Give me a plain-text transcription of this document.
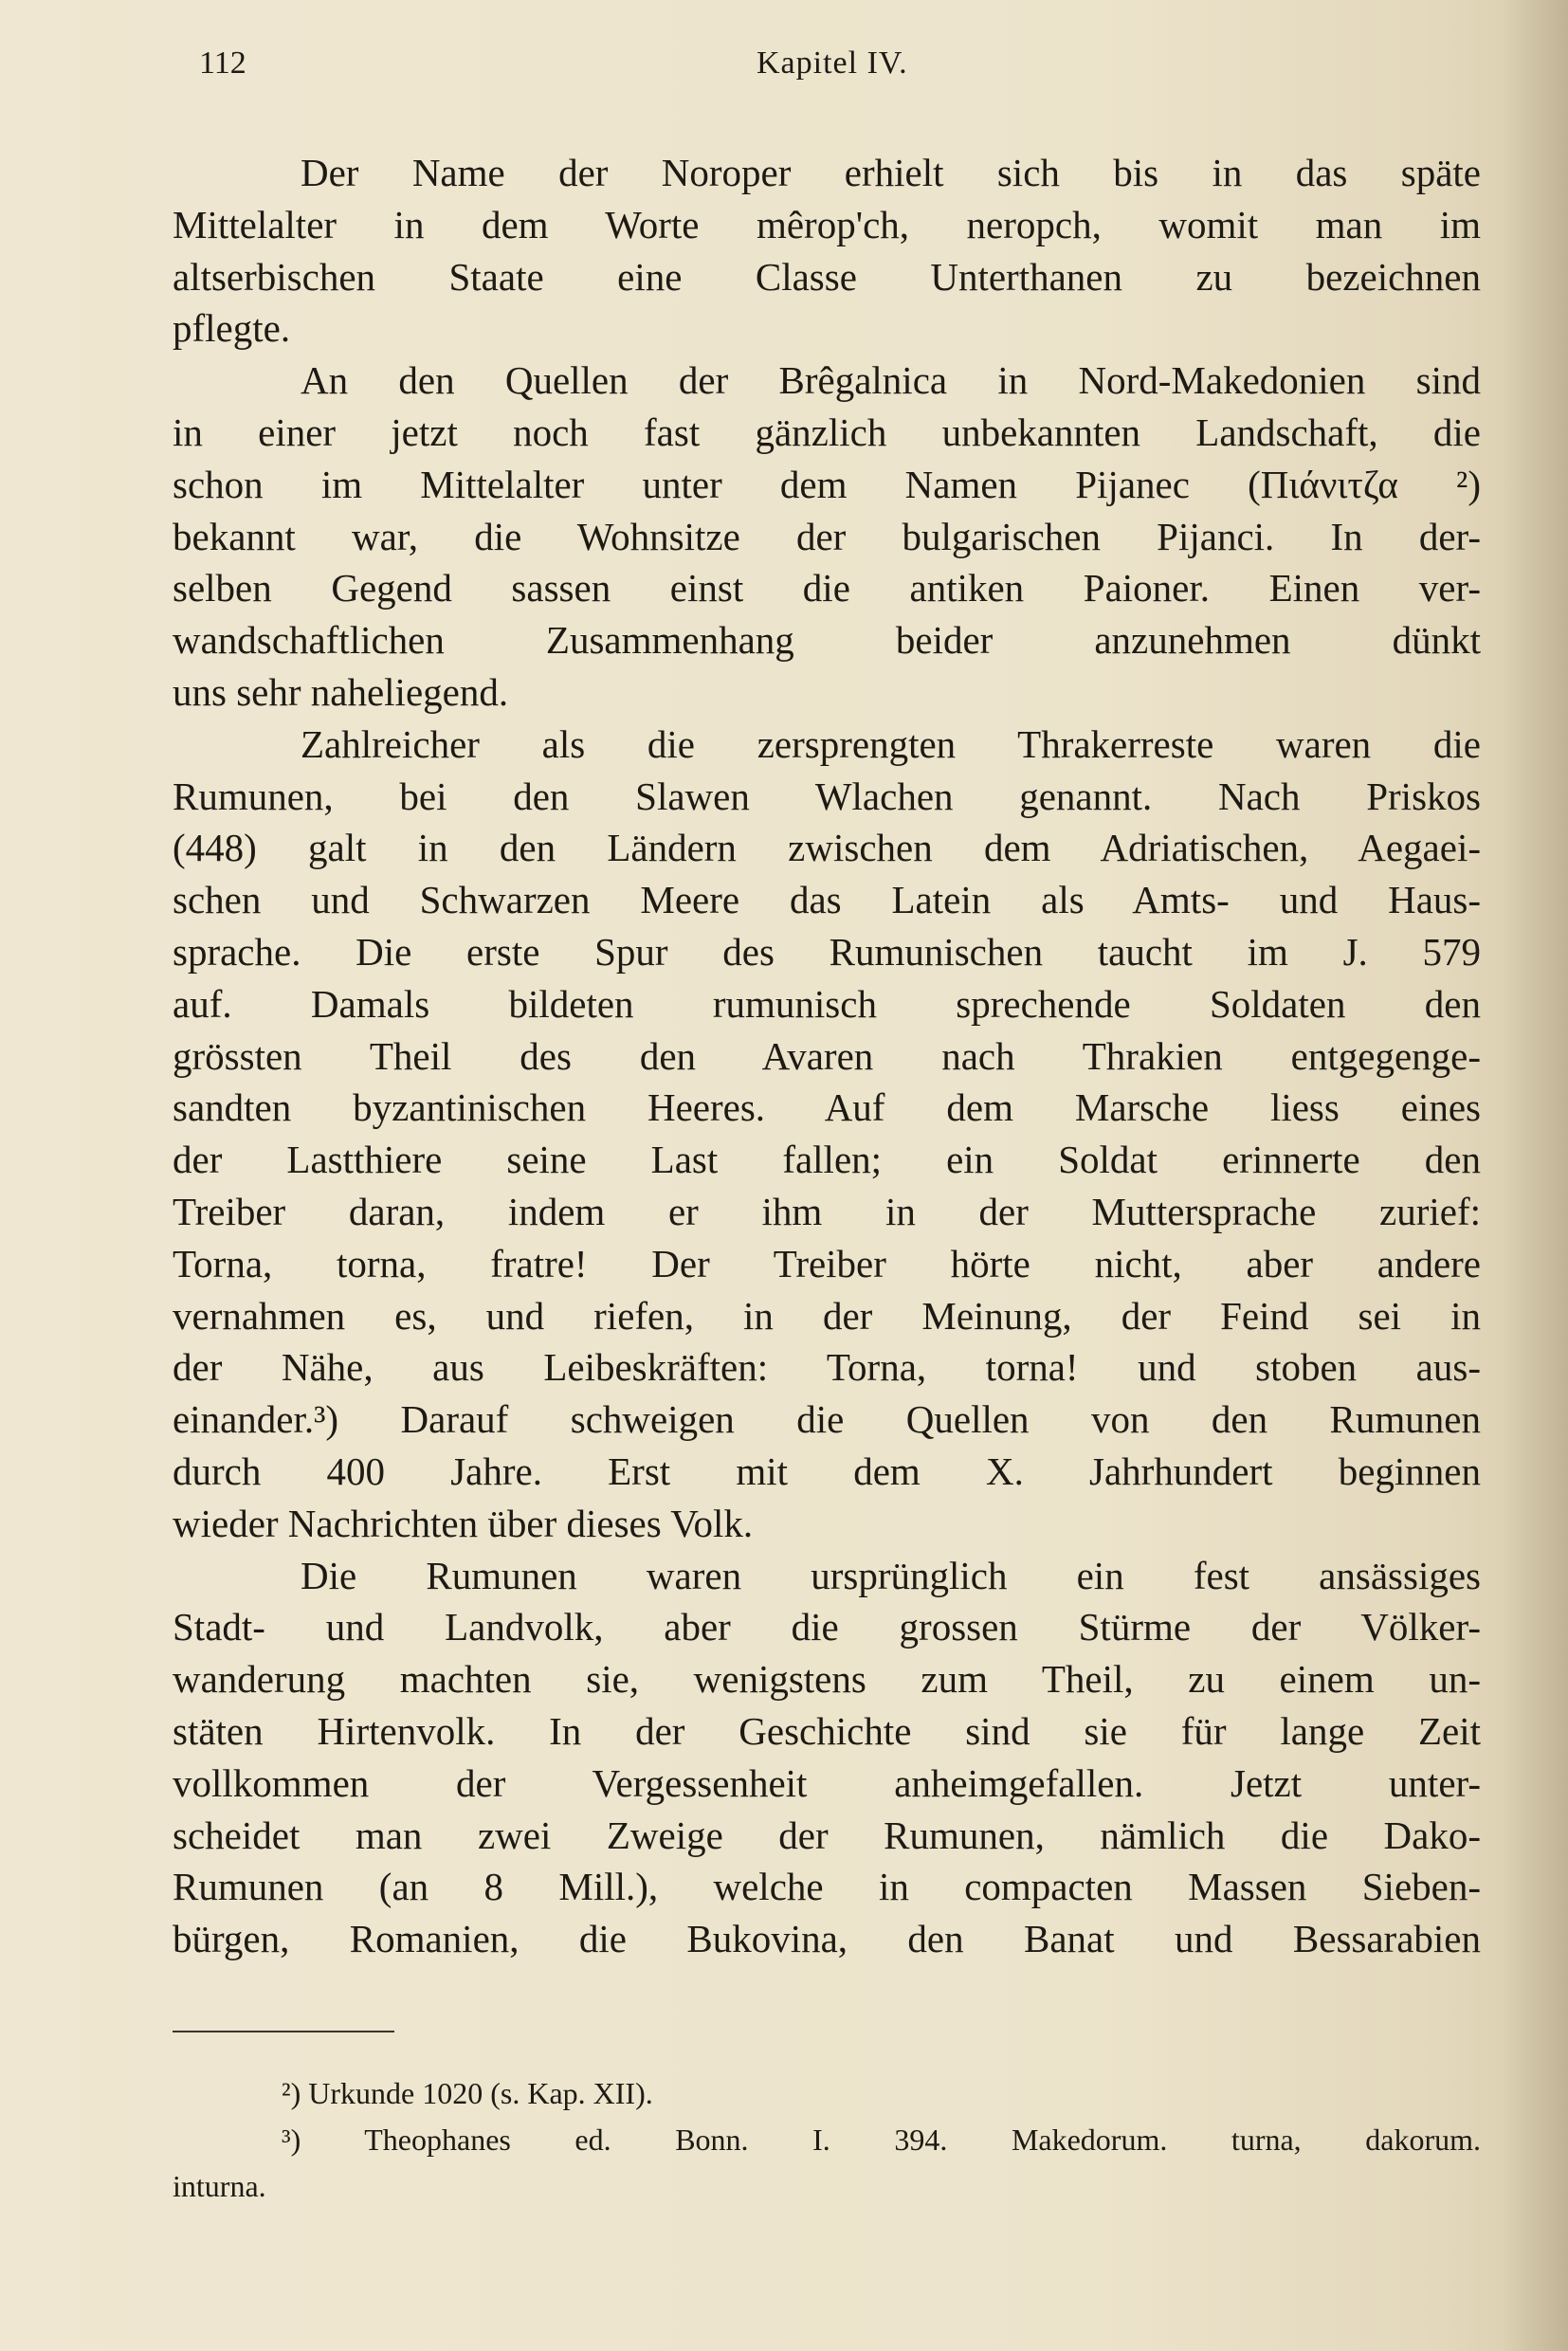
112	Kapitel IV.
Der Name der Noroper erhielt sich bis in das späte
Mittelalter in dem Worte mêrop'ch, neropch, womit man im
altserbischen Staate eine Classe Unterthanen zu bezeichnen
pflegte.
An den Quellen der Brêgalnica in Nord-Makedonien sind
in einer jetzt noch fast gänzlich unbekannten Landschaft, die
schon im Mittelalter unter dem Namen Pijanec (Πιάνιτζα ²)
bekannt war, die Wohnsitze der bulgarischen Pijanci. In der-
selben Gegend sassen einst die antiken Paioner. Einen ver-
wandschaftlichen Zusammenhang beider anzunehmen dünkt
uns sehr naheliegend.
Zahlreicher als die zersprengten Thrakerreste waren die
Rumunen, bei den Slawen Wlachen genannt. Nach Priskos
(448) galt in den Ländern zwischen dem Adriatischen, Aegaei-
schen und Schwarzen Meere das Latein als Amts- und Haus-
sprache. Die erste Spur des Rumunischen taucht im J. 579
auf. Damals bildeten rumunisch sprechende Soldaten den
grössten Theil des den Avaren nach Thrakien entgegenge-
sandten byzantinischen Heeres. Auf dem Marsche liess eines
der Lastthiere seine Last fallen; ein Soldat erinnerte den
Treiber daran, indem er ihm in der Muttersprache zurief:
Torna, torna, fratre! Der Treiber hörte nicht, aber andere
vernahmen es, und riefen, in der Meinung, der Feind sei in
der Nähe, aus Leibeskräften: Torna, torna! und stoben aus-
einander.³) Darauf schweigen die Quellen von den Rumunen
durch 400 Jahre. Erst mit dem X. Jahrhundert beginnen
wieder Nachrichten über dieses Volk.
Die Rumunen waren ursprünglich ein fest ansässiges
Stadt- und Landvolk, aber die grossen Stürme der Völker-
wanderung machten sie, wenigstens zum Theil, zu einem un-
stäten Hirtenvolk. In der Geschichte sind sie für lange Zeit
vollkommen der Vergessenheit anheimgefallen. Jetzt unter-
scheidet man zwei Zweige der Rumunen, nämlich die Dako-
Rumunen (an 8 Mill.), welche in compacten Massen Sieben-
bürgen, Romanien, die Bukovina, den Banat und Bessarabien
²) Urkunde 1020 (s. Kap. XII).
³) Theophanes ed. Bonn. I. 394. Makedorum. turna, dakorum.
inturna.
